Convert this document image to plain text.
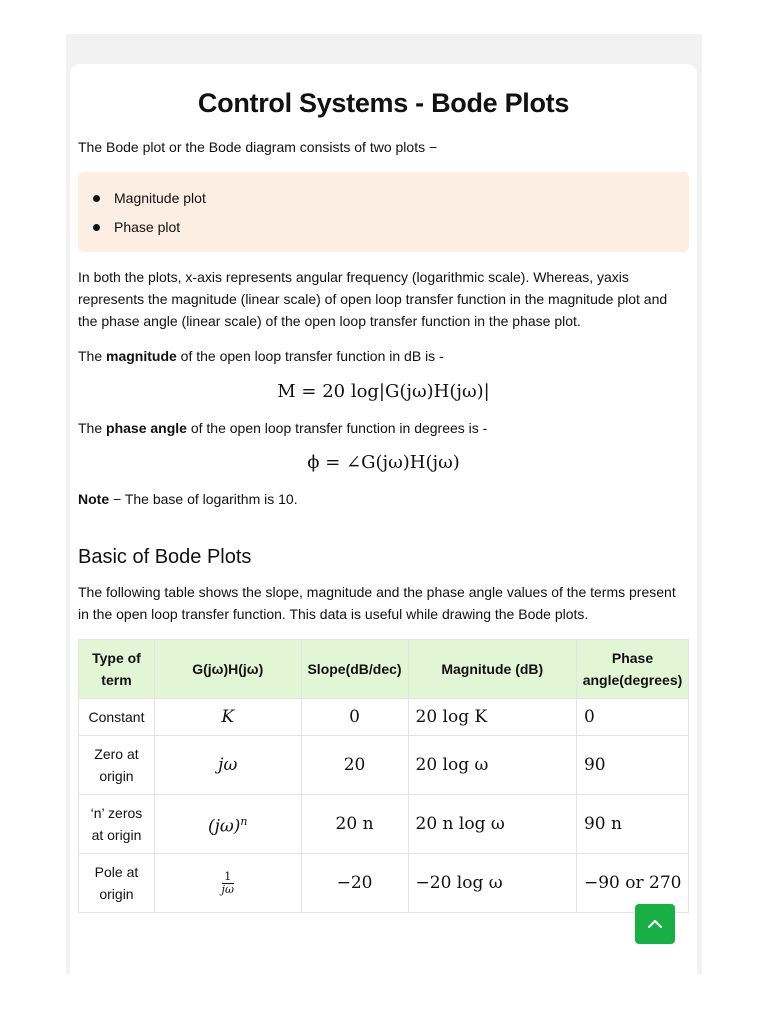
Control Systems - Bode Plots

The Bode plot or the Bode diagram consists of two plots −

Magnitude plot
Phase plot

In both the plots, x-axis represents angular frequency (logarithmic scale). Whereas, yaxis represents the magnitude (linear scale) of open loop transfer function in the magnitude plot and the phase angle (linear scale) of the open loop transfer function in the phase plot.

The magnitude of the open loop transfer function in dB is -

M = 20 log|G(jω)H(jω)|

The phase angle of the open loop transfer function in degrees is -

ϕ = ∠G(jω)H(jω)

Note − The base of logarithm is 10.

Basic of Bode Plots

The following table shows the slope, magnitude and the phase angle values of the terms present in the open loop transfer function. This data is useful while drawing the Bode plots.

Type of term	G(jω)H(jω)	Slope(dB/dec)	Magnitude (dB)	Phase angle(degrees)
Constant	K	0	20 log K	0
Zero at origin	jω	20	20 log ω	90
‘n’ zeros at origin	$(j\omega)^n$	20 n	20 n log ω	90 n
Pole at origin	$\frac{1}{j\omega}$	−20	−20 log ω	−90 or 270
